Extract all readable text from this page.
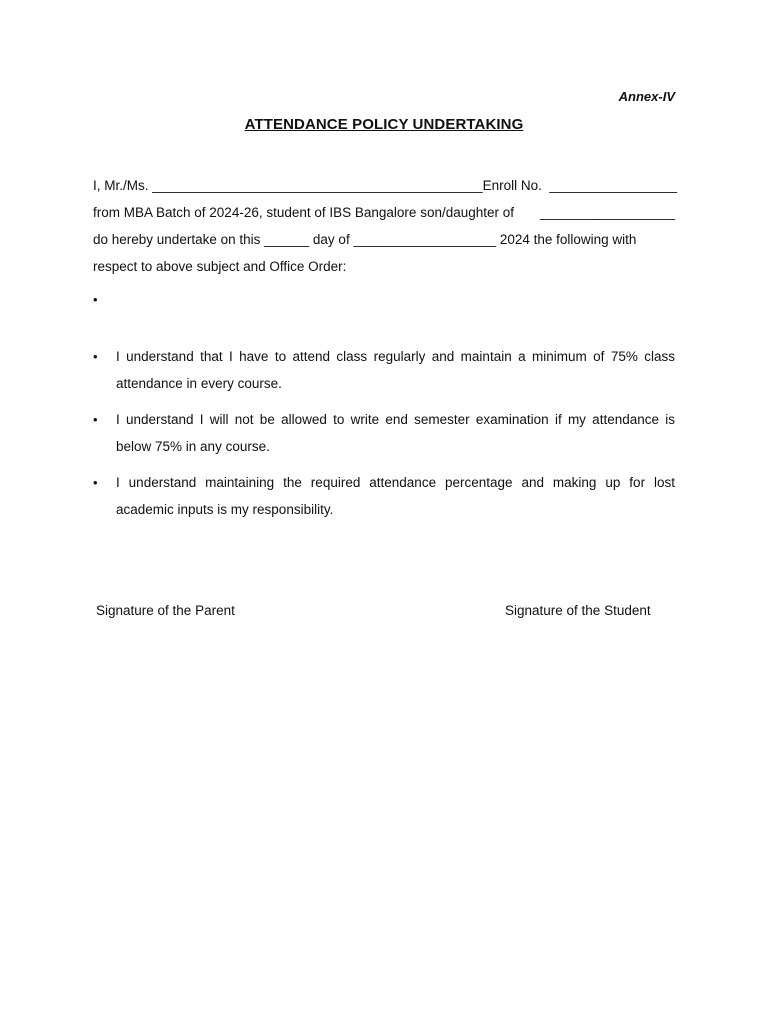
Annex-IV
ATTENDANCE POLICY UNDERTAKING
I, Mr./Ms. ____________________________________________ Enroll No.  _________________
from MBA Batch of 2024-26, student of IBS Bangalore son/daughter of __________________
do hereby undertake on this ______ day of ___________________ 2024 the following with
respect to above subject and Office Order:
•
•	I understand that I have to attend class regularly and maintain a minimum of 75% class attendance in every course.
•	I understand I will not be allowed to write end semester examination if my attendance is below 75% in any course.
•	I understand maintaining the required attendance percentage and making up for lost academic inputs is my responsibility.
Signature of the Parent	Signature of the Student
